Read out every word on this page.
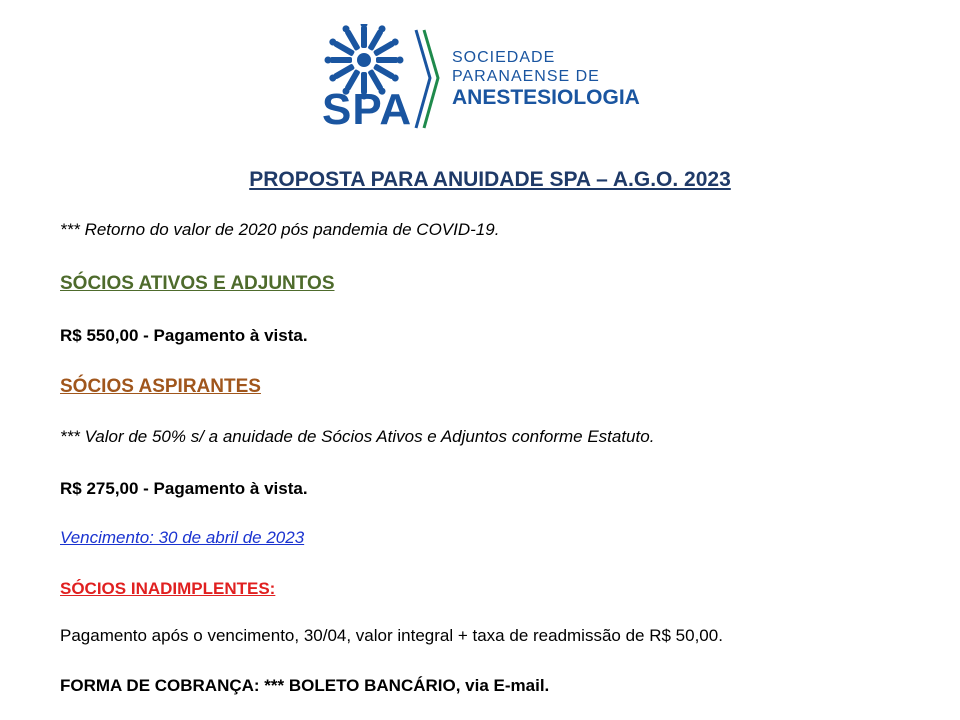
SPA
SOCIEDADE
PARANAENSE DE
ANESTESIOLOGIA
PROPOSTA PARA ANUIDADE SPA – A.G.O. 2023
*** Retorno do valor de 2020 pós pandemia de COVID-19.
SÓCIOS ATIVOS E ADJUNTOS
R$ 550,00 - Pagamento à vista.
SÓCIOS ASPIRANTES
*** Valor de 50% s/ a anuidade de Sócios Ativos e Adjuntos conforme Estatuto.
R$ 275,00 - Pagamento à vista.
Vencimento: 30 de abril de 2023
SÓCIOS INADIMPLENTES:
Pagamento após o vencimento, 30/04, valor integral + taxa de readmissão de R$ 50,00.
FORMA DE COBRANÇA: *** BOLETO BANCÁRIO, via E-mail.
